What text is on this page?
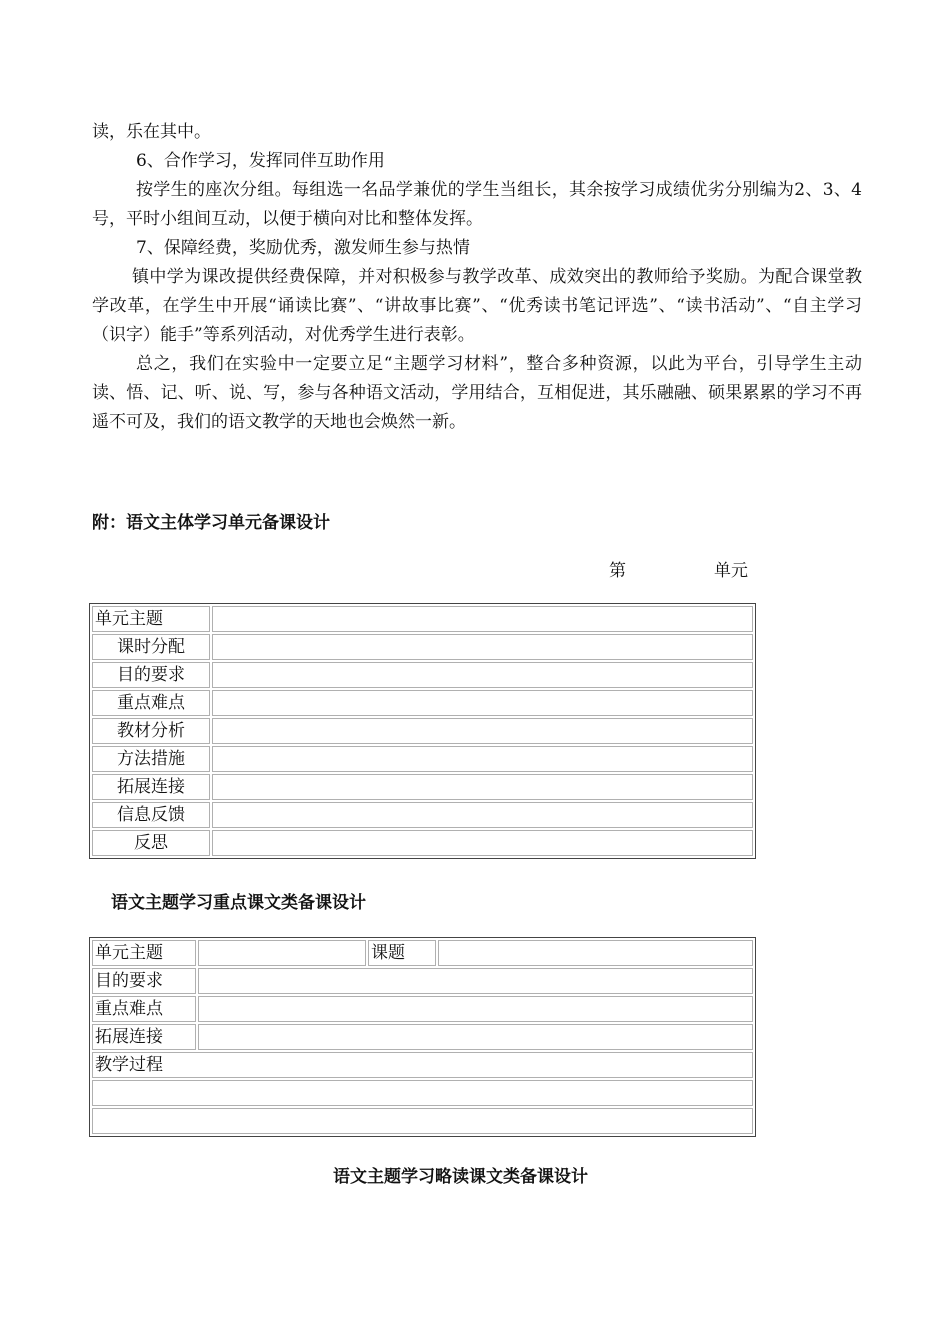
读，乐在其中。

6、合作学习，发挥同伴互助作用

按学生的座次分组。每组选一名品学兼优的学生当组长，其余按学习成绩优劣分别编为2、3、4号，平时小组间互动，以便于横向对比和整体发挥。

7、保障经费，奖励优秀，激发师生参与热情

镇中学为课改提供经费保障，并对积极参与教学改革、成效突出的教师给予奖励。为配合课堂教学改革，在学生中开展“诵读比赛”、“讲故事比赛”、“优秀读书笔记评选”、“读书活动”、“自主学习（识字）能手”等系列活动，对优秀学生进行表彰。

总之，我们在实验中一定要立足“主题学习材料”，整合多种资源，以此为平台，引导学生主动读、悟、记、听、说、写，参与各种语文活动，学用结合，互相促进，其乐融融、硕果累累的学习不再遥不可及，我们的语文教学的天地也会焕然一新。

附：语文主体学习单元备课设计
第	单元
单元主题	
课时分配	
目的要求	
重点难点	
教材分析	
方法措施	
拓展连接	
信息反馈	
反思	
语文主题学习重点课文类备课设计
单元主题		课题	
目的要求			
重点难点			
拓展连接			
教学过程			

语文主题学习略读课文类备课设计
